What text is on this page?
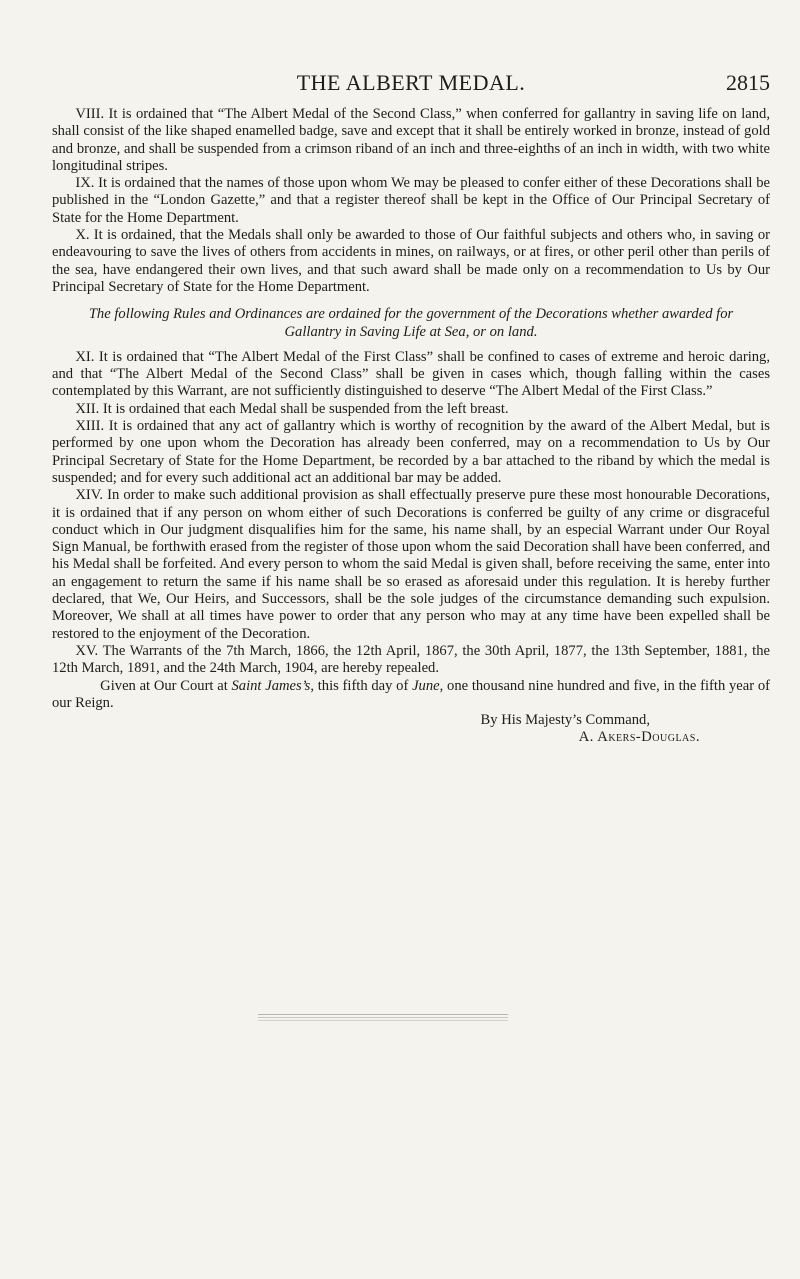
THE ALBERT MEDAL.	2815

VIII. It is ordained that “The Albert Medal of the Second Class,” when conferred for gallantry in saving life on land, shall consist of the like shaped enamelled badge, save and except that it shall be entirely worked in bronze, instead of gold and bronze, and shall be suspended from a crimson riband of an inch and three-eighths of an inch in width, with two white longitudinal stripes.

IX. It is ordained that the names of those upon whom We may be pleased to confer either of these Decorations shall be published in the “London Gazette,” and that a register thereof shall be kept in the Office of Our Principal Secretary of State for the Home Department.

X. It is ordained, that the Medals shall only be awarded to those of Our faithful subjects and others who, in saving or endeavouring to save the lives of others from accidents in mines, on railways, or at fires, or other peril other than perils of the sea, have endangered their own lives, and that such award shall be made only on a recommendation to Us by Our Principal Secretary of State for the Home Department.

The following Rules and Ordinances are ordained for the government of the Decorations whether awarded for Gallantry in Saving Life at Sea, or on land.

XI. It is ordained that “The Albert Medal of the First Class” shall be confined to cases of extreme and heroic daring, and that “The Albert Medal of the Second Class” shall be given in cases which, though falling within the cases contemplated by this Warrant, are not sufficiently distinguished to deserve “The Albert Medal of the First Class.”

XII. It is ordained that each Medal shall be suspended from the left breast.

XIII. It is ordained that any act of gallantry which is worthy of recognition by the award of the Albert Medal, but is performed by one upon whom the Decoration has already been conferred, may on a recommendation to Us by Our Principal Secretary of State for the Home Department, be recorded by a bar attached to the riband by which the medal is suspended; and for every such additional act an additional bar may be added.

XIV. In order to make such additional provision as shall effectually preserve pure these most honourable Decorations, it is ordained that if any person on whom either of such Decorations is conferred be guilty of any crime or disgraceful conduct which in Our judgment disqualifies him for the same, his name shall, by an especial Warrant under Our Royal Sign Manual, be forthwith erased from the register of those upon whom the said Decoration shall have been conferred, and his Medal shall be forfeited. And every person to whom the said Medal is given shall, before receiving the same, enter into an engagement to return the same if his name shall be so erased as aforesaid under this regulation. It is hereby further declared, that We, Our Heirs, and Successors, shall be the sole judges of the circumstance demanding such expulsion. Moreover, We shall at all times have power to order that any person who may at any time have been expelled shall be restored to the enjoyment of the Decoration.

XV. The Warrants of the 7th March, 1866, the 12th April, 1867, the 30th April, 1877, the 13th September, 1881, the 12th March, 1891, and the 24th March, 1904, are hereby repealed.

Given at Our Court at Saint James’s, this fifth day of June, one thousand nine hundred and five, in the fifth year of our Reign.

By His Majesty’s Command,

A. Akers-Douglas.
